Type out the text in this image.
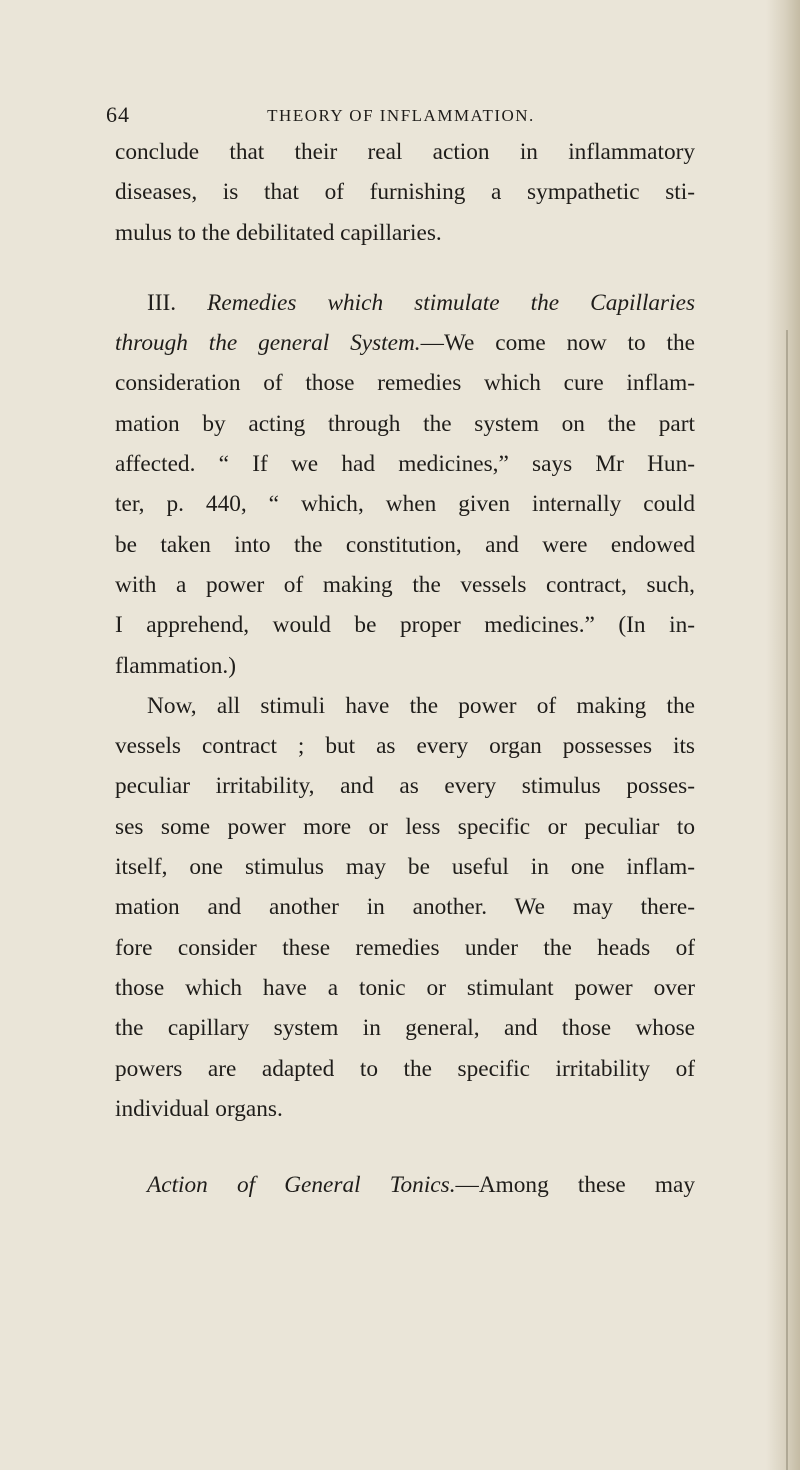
64	THEORY OF INFLAMMATION.

conclude that their real action in inflammatory
diseases, is that of furnishing a sympathetic sti-
mulus to the debilitated capillaries.

III. Remedies which stimulate the Capillaries
through the general System.—We come now to the
consideration of those remedies which cure inflam-
mation by acting through the system on the part
affected. “ If we had medicines,” says Mr Hun-
ter, p. 440, “ which, when given internally could
be taken into the constitution, and were endowed
with a power of making the vessels contract, such,
I apprehend, would be proper medicines.” (In in-
flammation.)

Now, all stimuli have the power of making the
vessels contract ; but as every organ possesses its
peculiar irritability, and as every stimulus posses-
ses some power more or less specific or peculiar to
itself, one stimulus may be useful in one inflam-
mation and another in another. We may there-
fore consider these remedies under the heads of
those which have a tonic or stimulant power over
the capillary system in general, and those whose
powers are adapted to the specific irritability of
individual organs.

Action of General Tonics.—Among these may
